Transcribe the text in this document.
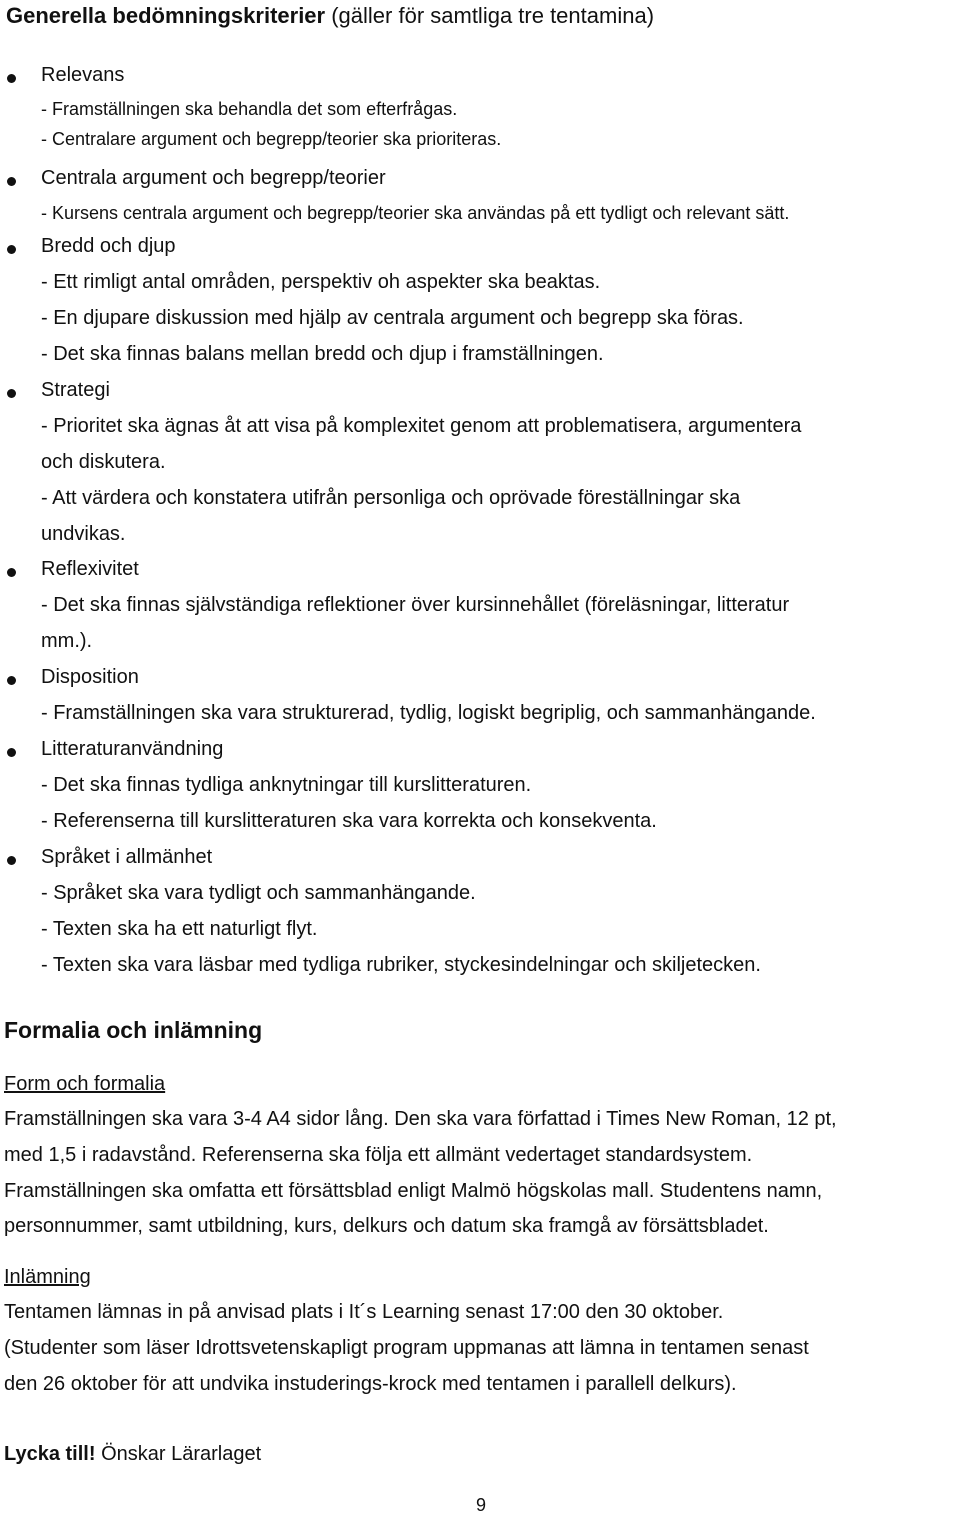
Generella bedömningskriterier (gäller för samtliga tre tentamina)
Relevans
- Framställningen ska behandla det som efterfrågas.
- Centralare argument och begrepp/teorier ska prioriteras.
Centrala argument och begrepp/teorier
- Kursens centrala argument och begrepp/teorier ska användas på ett tydligt och relevant sätt.
Bredd och djup
- Ett rimligt antal områden, perspektiv oh aspekter ska beaktas.
- En djupare diskussion med hjälp av centrala argument och begrepp ska föras.
- Det ska finnas balans mellan bredd och djup i framställningen.
Strategi
- Prioritet ska ägnas åt att visa på komplexitet genom att problematisera, argumentera
och diskutera.
- Att värdera och konstatera utifrån personliga och oprövade föreställningar ska
undvikas.
Reflexivitet
- Det ska finnas självständiga reflektioner över kursinnehållet (föreläsningar, litteratur
mm.).
Disposition
- Framställningen ska vara strukturerad, tydlig, logiskt begriplig, och sammanhängande.
Litteraturanvändning
- Det ska finnas tydliga anknytningar till kurslitteraturen.
- Referenserna till kurslitteraturen ska vara korrekta och konsekventa.
Språket i allmänhet
- Språket ska vara tydligt och sammanhängande.
- Texten ska ha ett naturligt flyt.
- Texten ska vara läsbar med tydliga rubriker, styckesindelningar och skiljetecken.
Formalia och inlämning
Form och formalia
Framställningen ska vara 3-4 A4 sidor lång. Den ska vara författad i Times New Roman, 12 pt,
med 1,5 i radavstånd. Referenserna ska följa ett allmänt vedertaget standardsystem.
Framställningen ska omfatta ett försättsblad enligt Malmö högskolas mall. Studentens namn,
personnummer, samt utbildning, kurs, delkurs och datum ska framgå av försättsbladet.
Inlämning
Tentamen lämnas in på anvisad plats i It´s Learning senast 17:00 den 30 oktober.
(Studenter som läser Idrottsvetenskapligt program uppmanas att lämna in tentamen senast
den 26 oktober för att undvika instuderings-krock med tentamen i parallell delkurs).
Lycka till! Önskar Lärarlaget
9
